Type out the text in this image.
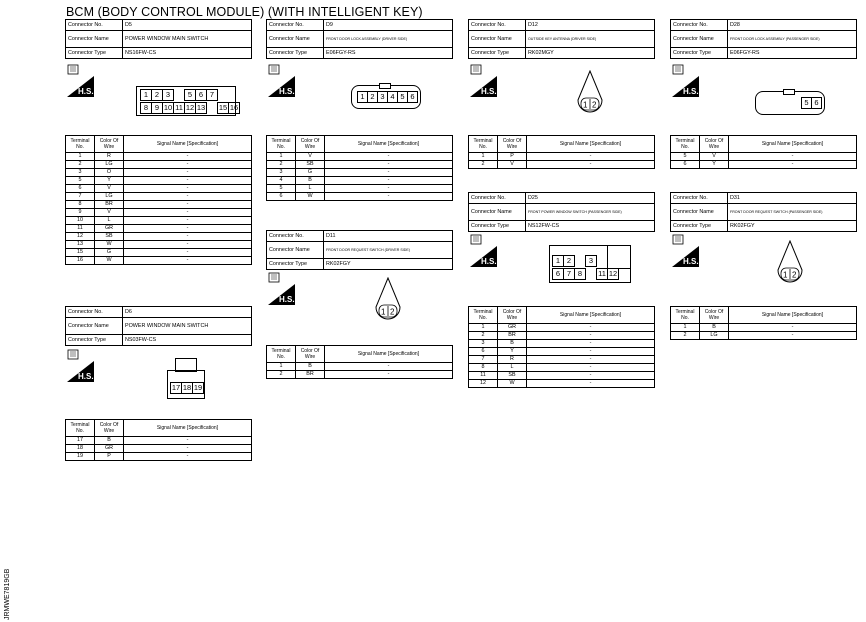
BCM (BODY CONTROL MODULE) (WITH INTELLIGENT KEY)
JRMWE7819GB
Connector No.	D5
Connector Name	POWER WINDOW MAIN SWITCH
Connector Type	NS16FW-CS
H.S.	1 2 3	5 6 7
8 9 10 11 12 13 15 16
Terminal No.	Color Of Wire	Signal Name [Specification]
1	R	-
2	LG	-
3	O	-
5	Y	-
6	V	-
7	LG	-
8	BR	-
9	V	-
10	L	-
11	GR	-
12	SB	-
13	W	-
15	G	-
16	W	-
Connector No.	D6
Connector Name	POWER WINDOW MAIN SWITCH
Connector Type	NS03FW-CS
H.S.
17 18 19
Terminal No.	Color Of Wire	Signal Name [Specification]
17	B	-
18	GR	-
19	P	-
Connector No.	D9
Connector Name	FRONT DOOR LOCK ASSEMBLY (DRIVER SIDE)
Connector Type	E06FGY-RS
H.S.
1 2 3 4 5 6
Terminal No.	Color Of Wire	Signal Name [Specification]
1	V	-
2	SB	-
3	G	-
4	B	-
5	L	-
6	W	-
Connector No.	D11
Connector Name	FRONT DOOR REQUEST SWITCH (DRIVER SIDE)
Connector Type	RK02FGY
H.S.
1 2
Terminal No.	Color Of Wire	Signal Name [Specification]
1	B	-
2	BR	-
Connector No.	D12
Connector Name	OUTSIDE KEY ANTENNA (DRIVER SIDE)
Connector Type	RK02MGY
H.S.
1 2
Terminal No.	Color Of Wire	Signal Name [Specification]
1	P	-
2	V	-
Connector No.	D25
Connector Name	FRONT POWER WINDOW SWITCH (PASSENGER SIDE)
Connector Type	NS12FW-CS
H.S.	1 2	3
6 7 8	11 12
Terminal No.	Color Of Wire	Signal Name [Specification]
1	GR	-
2	BR	-
3	B	-
6	Y	-
7	R	-
8	L	-
11	SB	-
12	W	-
Connector No.	D28
Connector Name	FRONT DOOR LOCK ASSEMBLY (PASSENGER SIDE)
Connector Type	E06FGY-RS
H.S.
5 6
Terminal No.	Color Of Wire	Signal Name [Specification]
5	V	-
6	Y	-
Connector No.	D31
Connector Name	FRONT DOOR REQUEST SWITCH (PASSENGER SIDE)
Connector Type	RK02FGY
H.S.
1 2
Terminal No.	Color Of Wire	Signal Name [Specification]
1	B	-
2	LG	-
